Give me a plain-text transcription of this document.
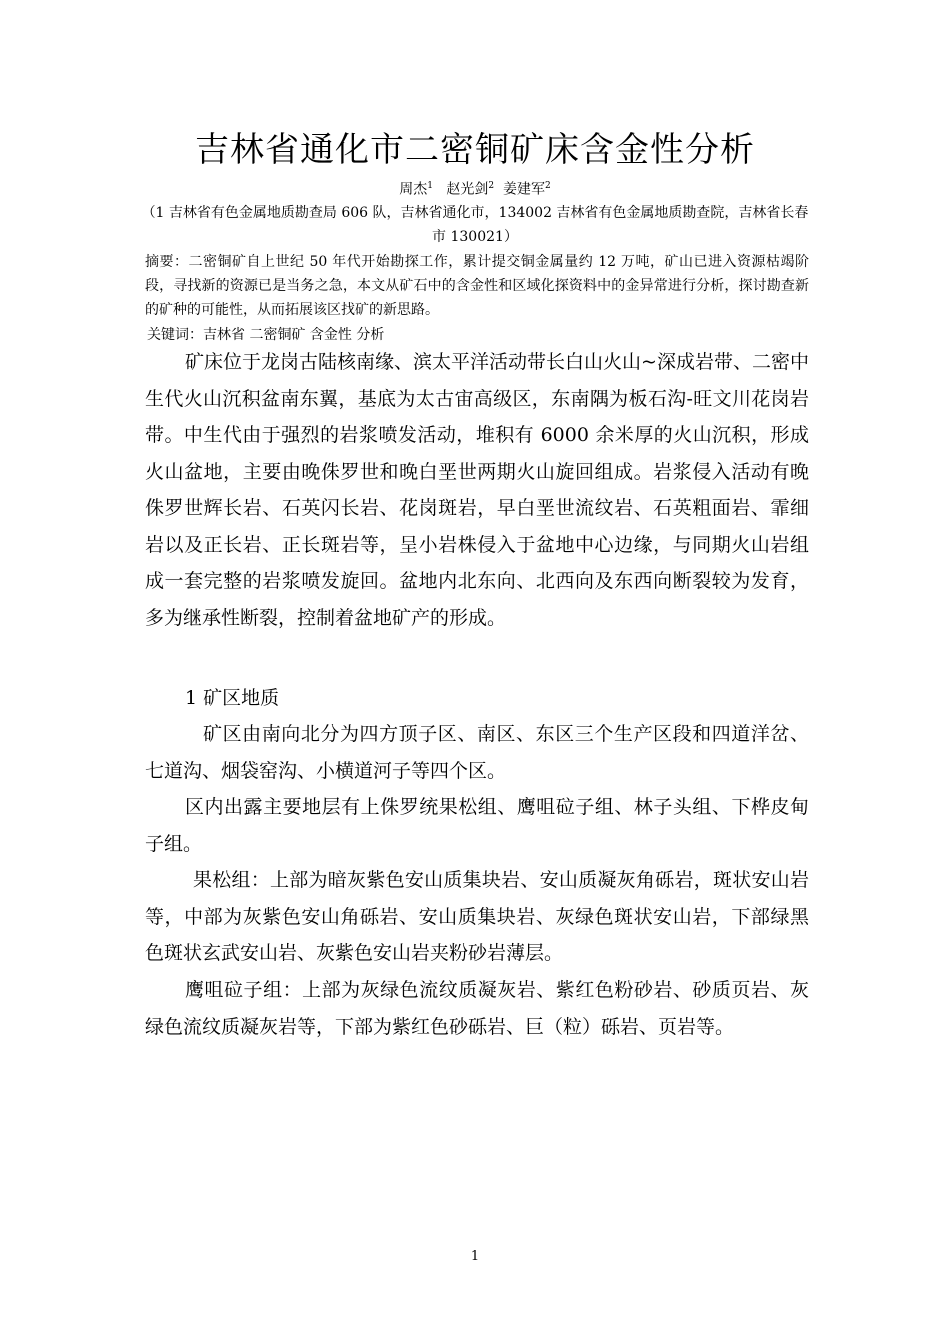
吉林省通化市二密铜矿床含金性分析
周杰$^1$ 赵光剑$^2$ 姜建军$^2$
（1 吉林省有色金属地质勘查局 606 队，吉林省通化市，134002 吉林省有色金属地质勘查院，吉林省长春市 130021）
摘要：二密铜矿自上世纪 50 年代开始勘探工作，累计提交铜金属量约 12 万吨，矿山已进入资源枯竭阶段，寻找新的资源已是当务之急，本文从矿石中的含金性和区域化探资料中的金异常进行分析，探讨勘查新的矿种的可能性，从而拓展该区找矿的新思路。
关键词：吉林省 二密铜矿 含金性 分析

矿床位于龙岗古陆核南缘、滨太平洋活动带长白山火山~深成岩带、二密中生代火山沉积盆南东翼，基底为太古宙高级区，东南隅为板石沟-旺文川花岗岩带。中生代由于强烈的岩浆喷发活动，堆积有 6000 余米厚的火山沉积，形成火山盆地，主要由晚侏罗世和晚白垩世两期火山旋回组成。岩浆侵入活动有晚侏罗世辉长岩、石英闪长岩、花岗斑岩，早白垩世流纹岩、石英粗面岩、霏细岩以及正长岩、正长斑岩等，呈小岩株侵入于盆地中心边缘，与同期火山岩组成一套完整的岩浆喷发旋回。盆地内北东向、北西向及东西向断裂较为发育，多为继承性断裂，控制着盆地矿产的形成。

1 矿区地质

矿区由南向北分为四方顶子区、南区、东区三个生产区段和四道洋岔、七道沟、烟袋窑沟、小横道河子等四个区。

区内出露主要地层有上侏罗统果松组、鹰咀砬子组、林子头组、下桦皮甸子组。

果松组：上部为暗灰紫色安山质集块岩、安山质凝灰角砾岩，斑状安山岩等，中部为灰紫色安山角砾岩、安山质集块岩、灰绿色斑状安山岩，下部绿黑色斑状玄武安山岩、灰紫色安山岩夹粉砂岩薄层。

鹰咀砬子组：上部为灰绿色流纹质凝灰岩、紫红色粉砂岩、砂质页岩、灰绿色流纹质凝灰岩等，下部为紫红色砂砾岩、巨（粒）砾岩、页岩等。

1
